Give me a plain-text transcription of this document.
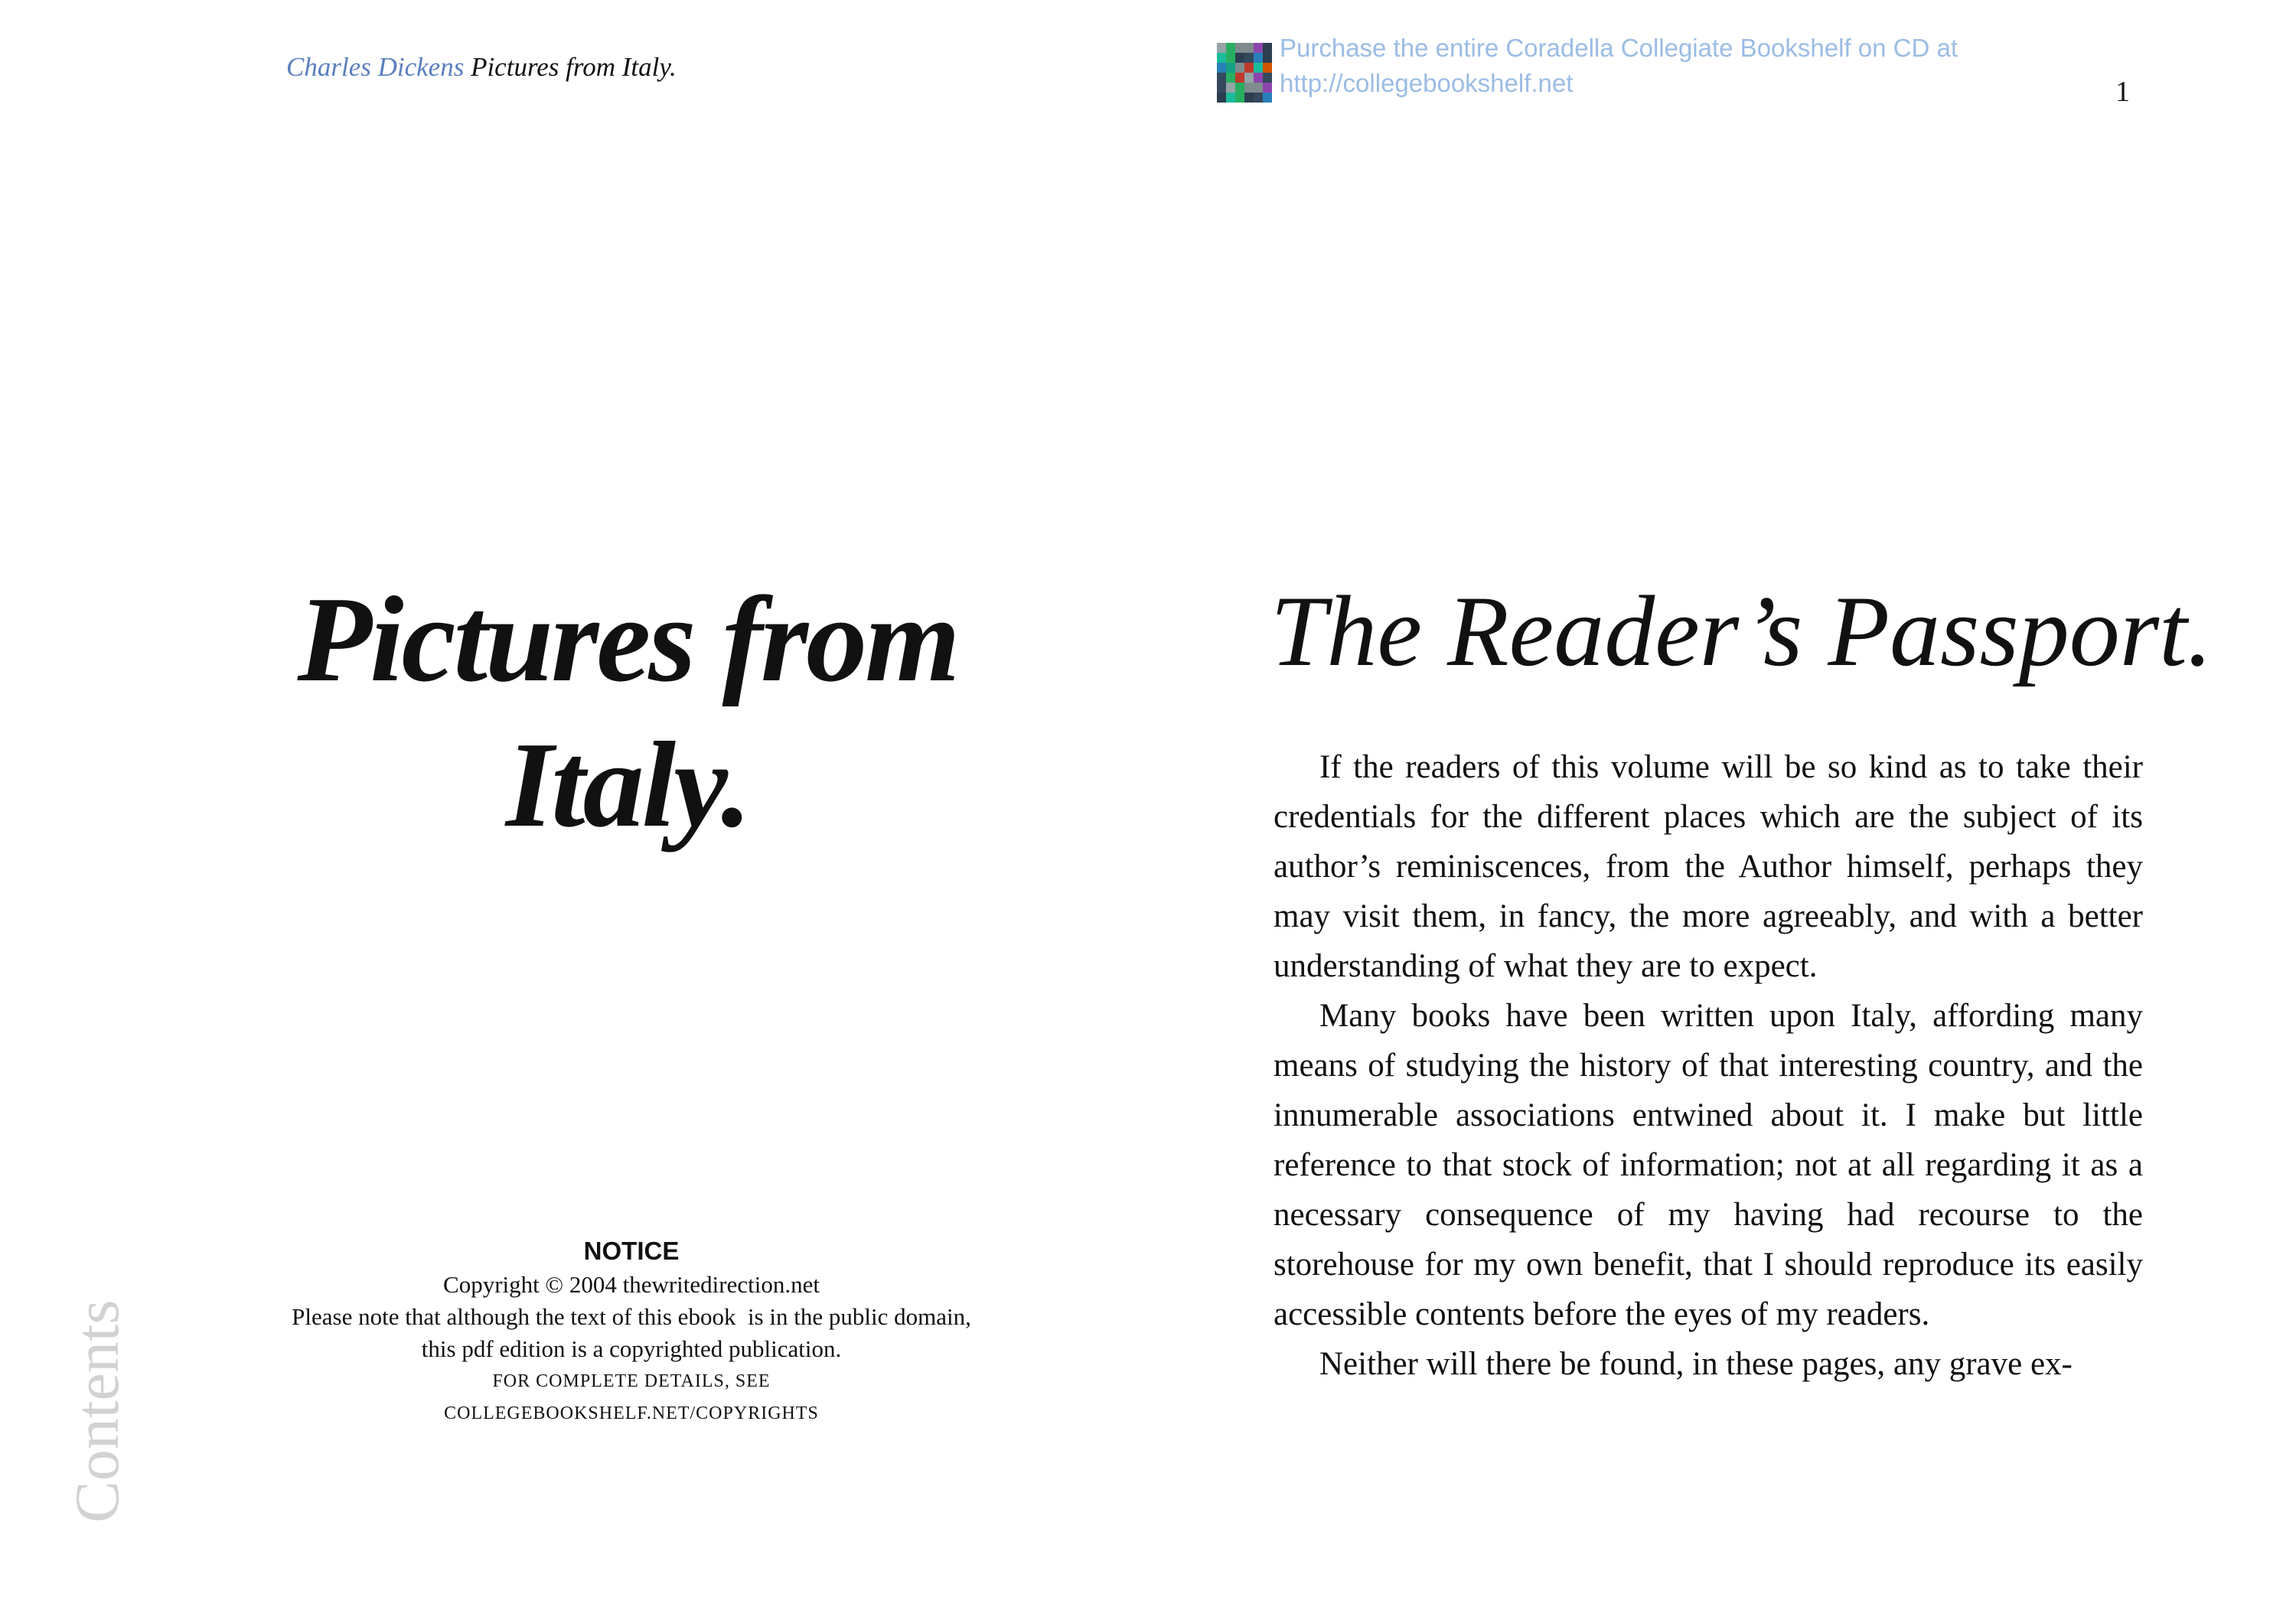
Charles Dickens Pictures from Italy.
Purchase the entire Coradella Collegiate Bookshelf on CD at
http://collegebookshelf.net	1
Pictures from
Italy.
NOTICE
Copyright © 2004 thewritedirection.net
Please note that although the text of this ebook  is in the public domain,
this pdf edition is a copyrighted publication.
FOR COMPLETE DETAILS, SEE
COLLEGEBOOKSHELF.NET/COPYRIGHTS
Contents
The Reader’s Passport.

If the readers of this volume will be so kind as to take their credentials for the different places which are the subject of its author’s reminiscences, from the Author himself, perhaps they may visit them, in fancy, the more agreeably, and with a better understanding of what they are to expect.

Many books have been written upon Italy, affording many means of studying the history of that interesting country, and the innumerable associations entwined about it. I make but little reference to that stock of information; not at all regarding it as a necessary consequence of my having had recourse to the storehouse for my own benefit, that I should reproduce its easily accessible contents before the eyes of my readers.

Neither will there be found, in these pages, any grave ex-
